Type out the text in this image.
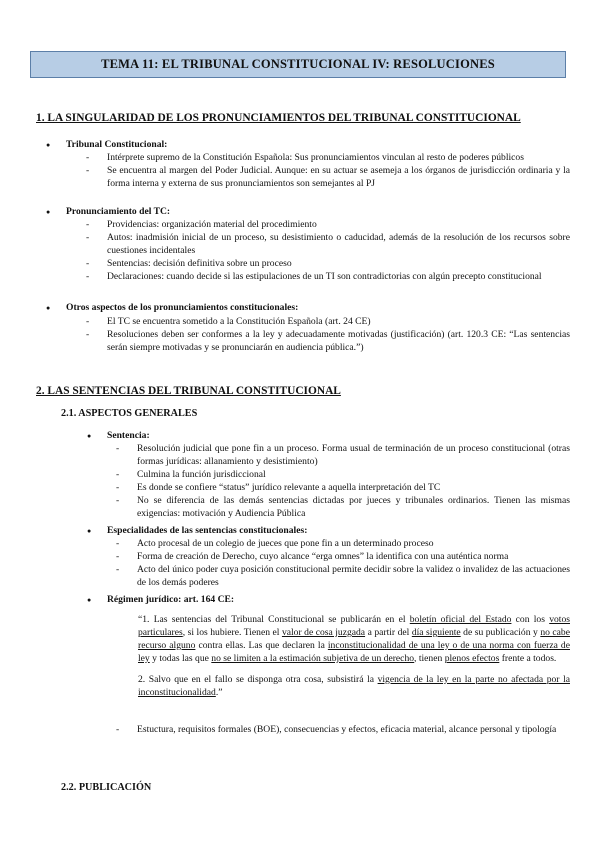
TEMA 11: EL TRIBUNAL CONSTITUCIONAL IV: RESOLUCIONES
1. LA SINGULARIDAD DE LOS PRONUNCIAMIENTOS DEL TRIBUNAL CONSTITUCIONAL
● Tribunal Constitucional:
- Intérprete supremo de la Constitución Española: Sus pronunciamientos vinculan al resto de poderes públicos
- Se encuentra al margen del Poder Judicial. Aunque: en su actuar se asemeja a los órganos de jurisdicción ordinaria y la forma interna y externa de sus pronunciamientos son semejantes al PJ
● Pronunciamiento del TC:
- Providencias: organización material del procedimiento
- Autos: inadmisión inicial de un proceso, su desistimiento o caducidad, además de la resolución de los recursos sobre cuestiones incidentales
- Sentencias: decisión definitiva sobre un proceso
- Declaraciones: cuando decide si las estipulaciones de un TI son contradictorias con algún precepto constitucional
● Otros aspectos de los pronunciamientos constitucionales:
- El TC se encuentra sometido a la Constitución Española (art. 24 CE)
- Resoluciones deben ser conformes a la ley y adecuadamente motivadas (justificación) (art. 120.3 CE: “Las sentencias serán siempre motivadas y se pronunciarán en audiencia pública.”)
2. LAS SENTENCIAS DEL TRIBUNAL CONSTITUCIONAL
2.1. ASPECTOS GENERALES
● Sentencia:
- Resolución judicial que pone fin a un proceso. Forma usual de terminación de un proceso constitucional (otras formas jurídicas: allanamiento y desistimiento)
- Culmina la función jurisdiccional
- Es donde se confiere “status” jurídico relevante a aquella interpretación del TC
- No se diferencia de las demás sentencias dictadas por jueces y tribunales ordinarios. Tienen las mismas exigencias: motivación y Audiencia Pública
● Especialidades de las sentencias constitucionales:
- Acto procesal de un colegio de jueces que pone fin a un determinado proceso
- Forma de creación de Derecho, cuyo alcance “erga omnes” la identifica con una auténtica norma
- Acto del único poder cuya posición constitucional permite decidir sobre la validez o invalidez de las actuaciones de los demás poderes
● Régimen jurídico: art. 164 CE:

“1. Las sentencias del Tribunal Constitucional se publicarán en el boletín oficial del Estado con los votos particulares, si los hubiere. Tienen el valor de cosa juzgada a partir del día siguiente de su publicación y no cabe recurso alguno contra ellas. Las que declaren la inconstitucionalidad de una ley o de una norma con fuerza de ley y todas las que no se limiten a la estimación subjetiva de un derecho, tienen plenos efectos frente a todos.

2. Salvo que en el fallo se disponga otra cosa, subsistirá la vigencia de la ley en la parte no afectada por la inconstitucionalidad.”

- Estuctura, requisitos formales (BOE), consecuencias y efectos, eficacia material, alcance personal y tipología
2.2. PUBLICACIÓN
